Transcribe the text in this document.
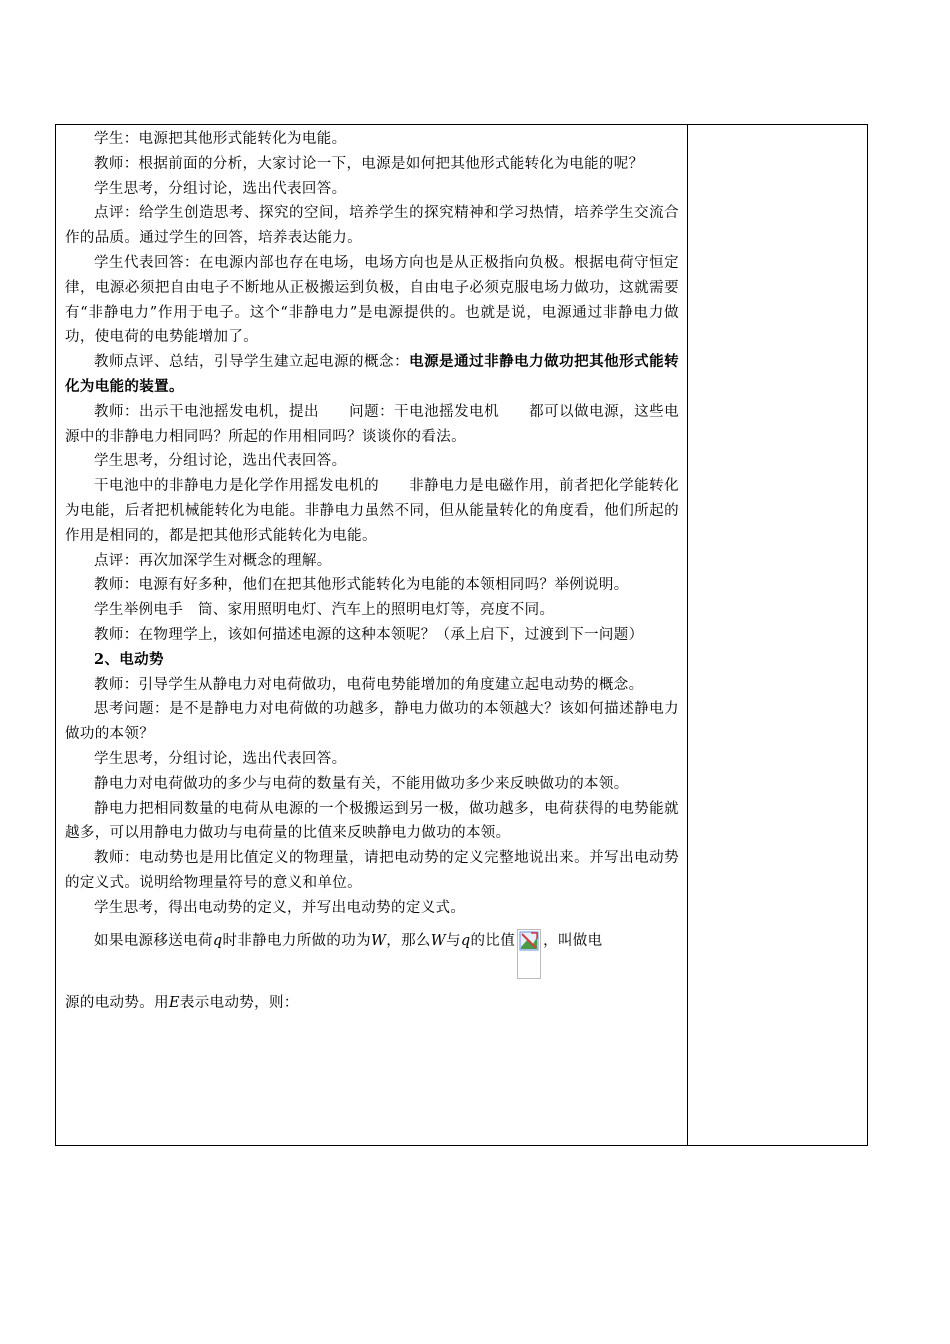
学生：电源把其他形式能转化为电能。

教师：根据前面的分析，大家讨论一下，电源是如何把其他形式能转化为电能的呢？

学生思考，分组讨论，选出代表回答。

点评：给学生创造思考、探究的空间，培养学生的探究精神和学习热情，培养学生交流合作的品质。通过学生的回答，培养表达能力。

学生代表回答：在电源内部也存在电场，电场方向也是从正极指向负极。根据电荷守恒定律，电源必须把自由电子不断地从正极搬运到负极，自由电子必须克服电场力做功，这就需要有“非静电力”作用于电子。这个“非静电力”是电源提供的。也就是说，电源通过非静电力做功，使电荷的电势能增加了。

教师点评、总结，引导学生建立起电源的概念：电源是通过非静电力做功把其他形式能转化为电能的装置。

教师：出示干电池摇发电机，提出　　问题：干电池摇发电机　　都可以做电源，这些电源中的非静电力相同吗？所起的作用相同吗？谈谈你的看法。

学生思考，分组讨论，选出代表回答。

干电池中的非静电力是化学作用摇发电机的　　非静电力是电磁作用，前者把化学能转化为电能，后者把机械能转化为电能。非静电力虽然不同，但从能量转化的角度看，他们所起的作用是相同的，都是把其他形式能转化为电能。

点评：再次加深学生对概念的理解。

教师：电源有好多种，他们在把其他形式能转化为电能的本领相同吗？举例说明。

学生举例电手　筒、家用照明电灯、汽车上的照明电灯等，亮度不同。

教师：在物理学上，该如何描述电源的这种本领呢？（承上启下，过渡到下一问题）

2、电动势

教师：引导学生从静电力对电荷做功，电荷电势能增加的角度建立起电动势的概念。

思考问题：是不是静电力对电荷做的功越多，静电力做功的本领越大？该如何描述静电力做功的本领？

学生思考，分组讨论，选出代表回答。

静电力对电荷做功的多少与电荷的数量有关，不能用做功多少来反映做功的本领。

静电力把相同数量的电荷从电源的一个极搬运到另一极，做功越多，电荷获得的电势能就越多，可以用静电力做功与电荷量的比值来反映静电力做功的本领。

教师：电动势也是用比值定义的物理量，请把电动势的定义完整地说出来。并写出电动势的定义式。说明给物理量符号的意义和单位。

学生思考，得出电动势的定义，并写出电动势的定义式。

如果电源移送电荷q时非静电力所做的功为W，那么W与q的比值 ，叫做电

源的电动势。用E表示电动势，则：
